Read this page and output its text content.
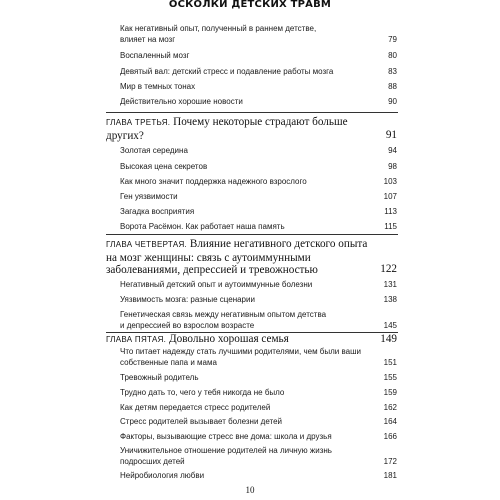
ОСКОЛКИ ДЕТСКИХ ТРАВМ
Как негативный опыт, полученный в раннем детстве,
влияет на мозг	79
Воспаленный мозг	80
Девятый вал: детский стресс и подавление работы мозга	83
Мир в темных тонах	88
Действительно хорошие новости	90
ГЛАВА ТРЕТЬЯ. Почему некоторые страдают больше
других?	91
Золотая середина	94
Высокая цена секретов	98
Как много значит поддержка надежного взрослого	103
Ген уязвимости	107
Загадка восприятия	113
Ворота Расёмон. Как работает наша память	115
ГЛАВА ЧЕТВЕРТАЯ. Влияние негативного детского опыта
на мозг женщины: связь с аутоиммунными
заболеваниями, депрессией и тревожностью	122
Негативный детский опыт и аутоиммунные болезни	131
Уязвимость мозга: разные сценарии	138
Генетическая связь между негативным опытом детства
и депрессией во взрослом возрасте	145
ГЛАВА ПЯТАЯ. Довольно хорошая семья	149
Что питает надежду стать лучшими родителями, чем были ваши
собственные папа и мама	151
Тревожный родитель	155
Трудно дать то, чего у тебя никогда не было	159
Как детям передается стресс родителей	162
Стресс родителей вызывает болезни детей	164
Факторы, вызывающие стресс вне дома: школа и друзья	166
Уничижительное отношение родителей на личную жизнь
подросших детей	172
Нейробиология любви	181
10
